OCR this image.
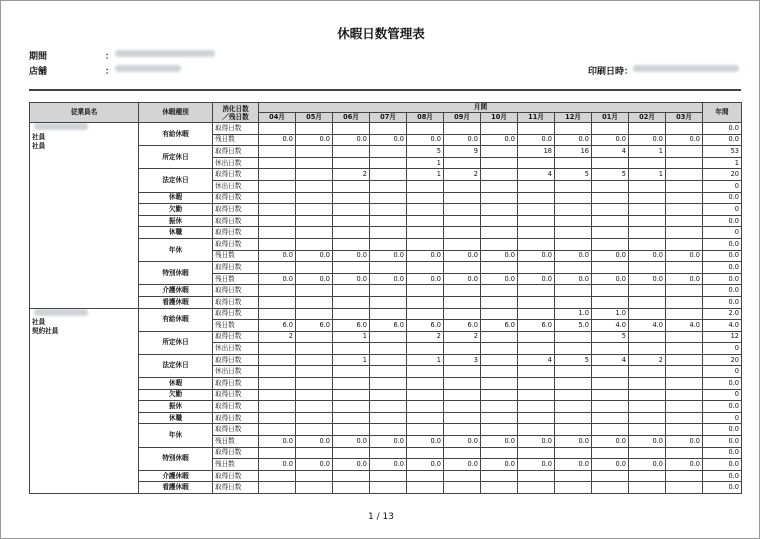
休暇日数管理表
期間	：
店舗	：	印刷日時：
従業員名	休暇種別	消化日数
／残日数	月間												年間
			04月	05月	06月	07月	08月	09月	10月	11月	12月	01月	02月	03月	

社員
社員	有給休暇	取得日数													0.0
		残日数	0.0	0.0	0.0	0.0	0.0	0.0	0.0	0.0	0.0	0.0	0.0	0.0	0.0
	所定休日	取得日数					5	9		18	16	4	1		53
		休出日数					1								1
	法定休日	取得日数			2		1	2		4	5	5	1		20
		休出日数													0
	休暇	取得日数													0.0
	欠勤	取得日数													0
	振休	取得日数													0.0
	休職	取得日数													0
	年休	取得日数													0.0
		残日数	0.0	0.0	0.0	0.0	0.0	0.0	0.0	0.0	0.0	0.0	0.0	0.0	0.0
	特別休暇	取得日数													0.0
		残日数	0.0	0.0	0.0	0.0	0.0	0.0	0.0	0.0	0.0	0.0	0.0	0.0	0.0
	介護休暇	取得日数													0.0
	看護休暇	取得日数													0.0

社員
契約社員	有給休暇	取得日数									1.0	1.0			2.0
		残日数	6.0	6.0	6.0	6.0	6.0	6.0	6.0	6.0	5.0	4.0	4.0	4.0	4.0
	所定休日	取得日数	2		1		2	2				5			12
		休出日数													0
	法定休日	取得日数			1		1	3		4	5	4	2		20
		休出日数													0
	休暇	取得日数													0.0
	欠勤	取得日数													0
	振休	取得日数													0.0
	休職	取得日数													0
	年休	取得日数													0.0
		残日数	0.0	0.0	0.0	0.0	0.0	0.0	0.0	0.0	0.0	0.0	0.0	0.0	0.0
	特別休暇	取得日数													0.0
		残日数	0.0	0.0	0.0	0.0	0.0	0.0	0.0	0.0	0.0	0.0	0.0	0.0	0.0
	介護休暇	取得日数													0.0
	看護休暇	取得日数													0.0
1 / 13
